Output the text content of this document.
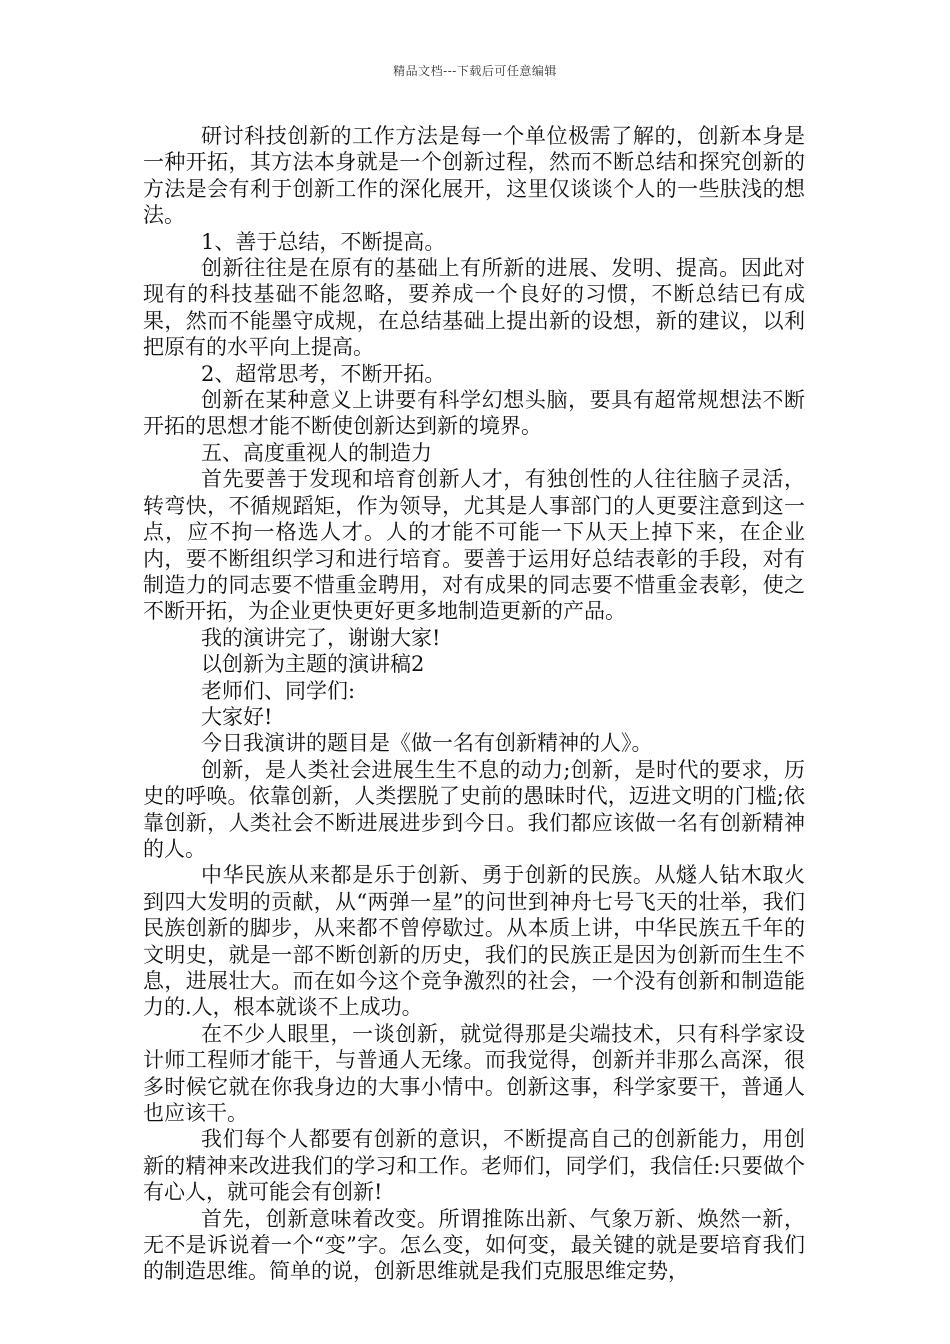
精品文档---下载后可任意编辑

研讨科技创新的工作方法是每一个单位极需了解的，创新本身是一种开拓，其方法本身就是一个创新过程，然而不断总结和探究创新的方法是会有利于创新工作的深化展开，这里仅谈谈个人的一些肤浅的想法。

1、善于总结，不断提高。

创新往往是在原有的基础上有所新的进展、发明、提高。因此对现有的科技基础不能忽略，要养成一个良好的习惯，不断总结已有成果，然而不能墨守成规，在总结基础上提出新的设想，新的建议，以利把原有的水平向上提高。

2、超常思考，不断开拓。

创新在某种意义上讲要有科学幻想头脑，要具有超常规想法不断开拓的思想才能不断使创新达到新的境界。

五、高度重视人的制造力

首先要善于发现和培育创新人才，有独创性的人往往脑子灵活，转弯快，不循规蹈矩，作为领导，尤其是人事部门的人更要注意到这一点，应不拘一格选人才。人的才能不可能一下从天上掉下来，在企业内，要不断组织学习和进行培育。要善于运用好总结表彰的手段，对有制造力的同志要不惜重金聘用，对有成果的同志要不惜重金表彰，使之不断开拓，为企业更快更好更多地制造更新的产品。

我的演讲完了，谢谢大家!

以创新为主题的演讲稿2

老师们、同学们:

大家好!

今日我演讲的题目是《做一名有创新精神的人》。

创新，是人类社会进展生生不息的动力;创新，是时代的要求，历史的呼唤。依靠创新，人类摆脱了史前的愚昧时代，迈进文明的门槛;依靠创新，人类社会不断进展进步到今日。我们都应该做一名有创新精神的人。

中华民族从来都是乐于创新、勇于创新的民族。从燧人钻木取火到四大发明的贡献，从“两弹一星”的问世到神舟七号飞天的壮举，我们民族创新的脚步，从来都不曾停歇过。从本质上讲，中华民族五千年的文明史，就是一部不断创新的历史，我们的民族正是因为创新而生生不息，进展壮大。而在如今这个竞争激烈的社会，一个没有创新和制造能力的.人，根本就谈不上成功。

在不少人眼里，一谈创新，就觉得那是尖端技术，只有科学家设计师工程师才能干，与普通人无缘。而我觉得，创新并非那么高深，很多时候它就在你我身边的大事小情中。创新这事，科学家要干，普通人也应该干。

我们每个人都要有创新的意识，不断提高自己的创新能力，用创新的精神来改进我们的学习和工作。老师们，同学们，我信任:只要做个有心人，就可能会有创新!

首先，创新意味着改变。所谓推陈出新、气象万新、焕然一新，无不是诉说着一个“变”字。怎么变，如何变，最关键的就是要培育我们的制造思维。简单的说，创新思维就是我们克服思维定势，
